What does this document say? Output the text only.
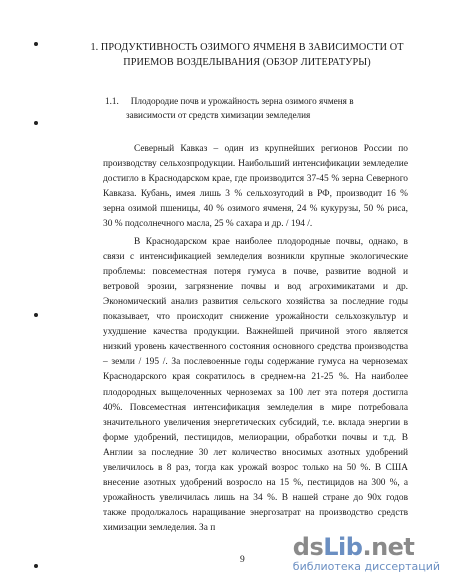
1. ПРОДУКТИВНОСТЬ ОЗИМОГО ЯЧМЕНЯ В ЗАВИСИМОСТИ ОТ
ПРИЕМОВ ВОЗДЕЛЫВАНИЯ (ОБЗОР ЛИТЕРАТУРЫ)
1.1. Плодородие почв и урожайность зерна озимого ячменя в
зависимости от средств химизации земледелия

Северный Кавказ – один из крупнейших регионов России по производству сельхозпродукции. Наибольший интенсификации земледелие достигло в Краснодарском крае, где производится 37-45 % зерна Северного Кавказа. Кубань, имея лишь 3 % сельхозугодий в РФ, производит 16 % зерна озимой пшеницы, 40 % озимого ячменя, 24 % кукурузы, 50 % риса, 30 % подсолнечного масла, 25 % сахара и др. / 194 /.

В Краснодарском крае наиболее плодородные почвы, однако, в связи с интенсификацией земледелия возникли крупные экологические проблемы: повсеместная потеря гумуса в почве, развитие водной и ветровой эрозии, загрязнение почвы и вод агрохимикатами и др. Экономический анализ развития сельского хозяйства за последние годы показывает, что происходит снижение урожайности сельхозкультур и ухудшение качества продукции. Важнейшей причиной этого является низкий уровень качественного состояния основного средства производства – земли / 195 /. За послевоенные годы содержание гумуса на черноземах Краснодарского края сократилось в среднем-на 21-25 %. На наиболее плодородных выщелоченных черноземах за 100 лет эта потеря достигла 40%. Повсеместная интенсификация земледелия в мире потребовала значительного увеличения энергетических субсидий, т.е. вклада энергии в форме удобрений, пестицидов, мелиорации, обработки почвы и т.д. В Англии за последние 30 лет количество вносимых азотных удобрений увеличилось в 8 раз, тогда как урожай возрос только на 50 %. В США внесение азотных удобрений возросло на 15 %, пестицидов на 300 %, а урожайность увеличилась лишь на 34 %. В нашей стране до 90х годов также продолжалось наращивание энергозатрат на производство средств химизации земледелия. За п

9 dsLib.net
библиотека диссертаций
